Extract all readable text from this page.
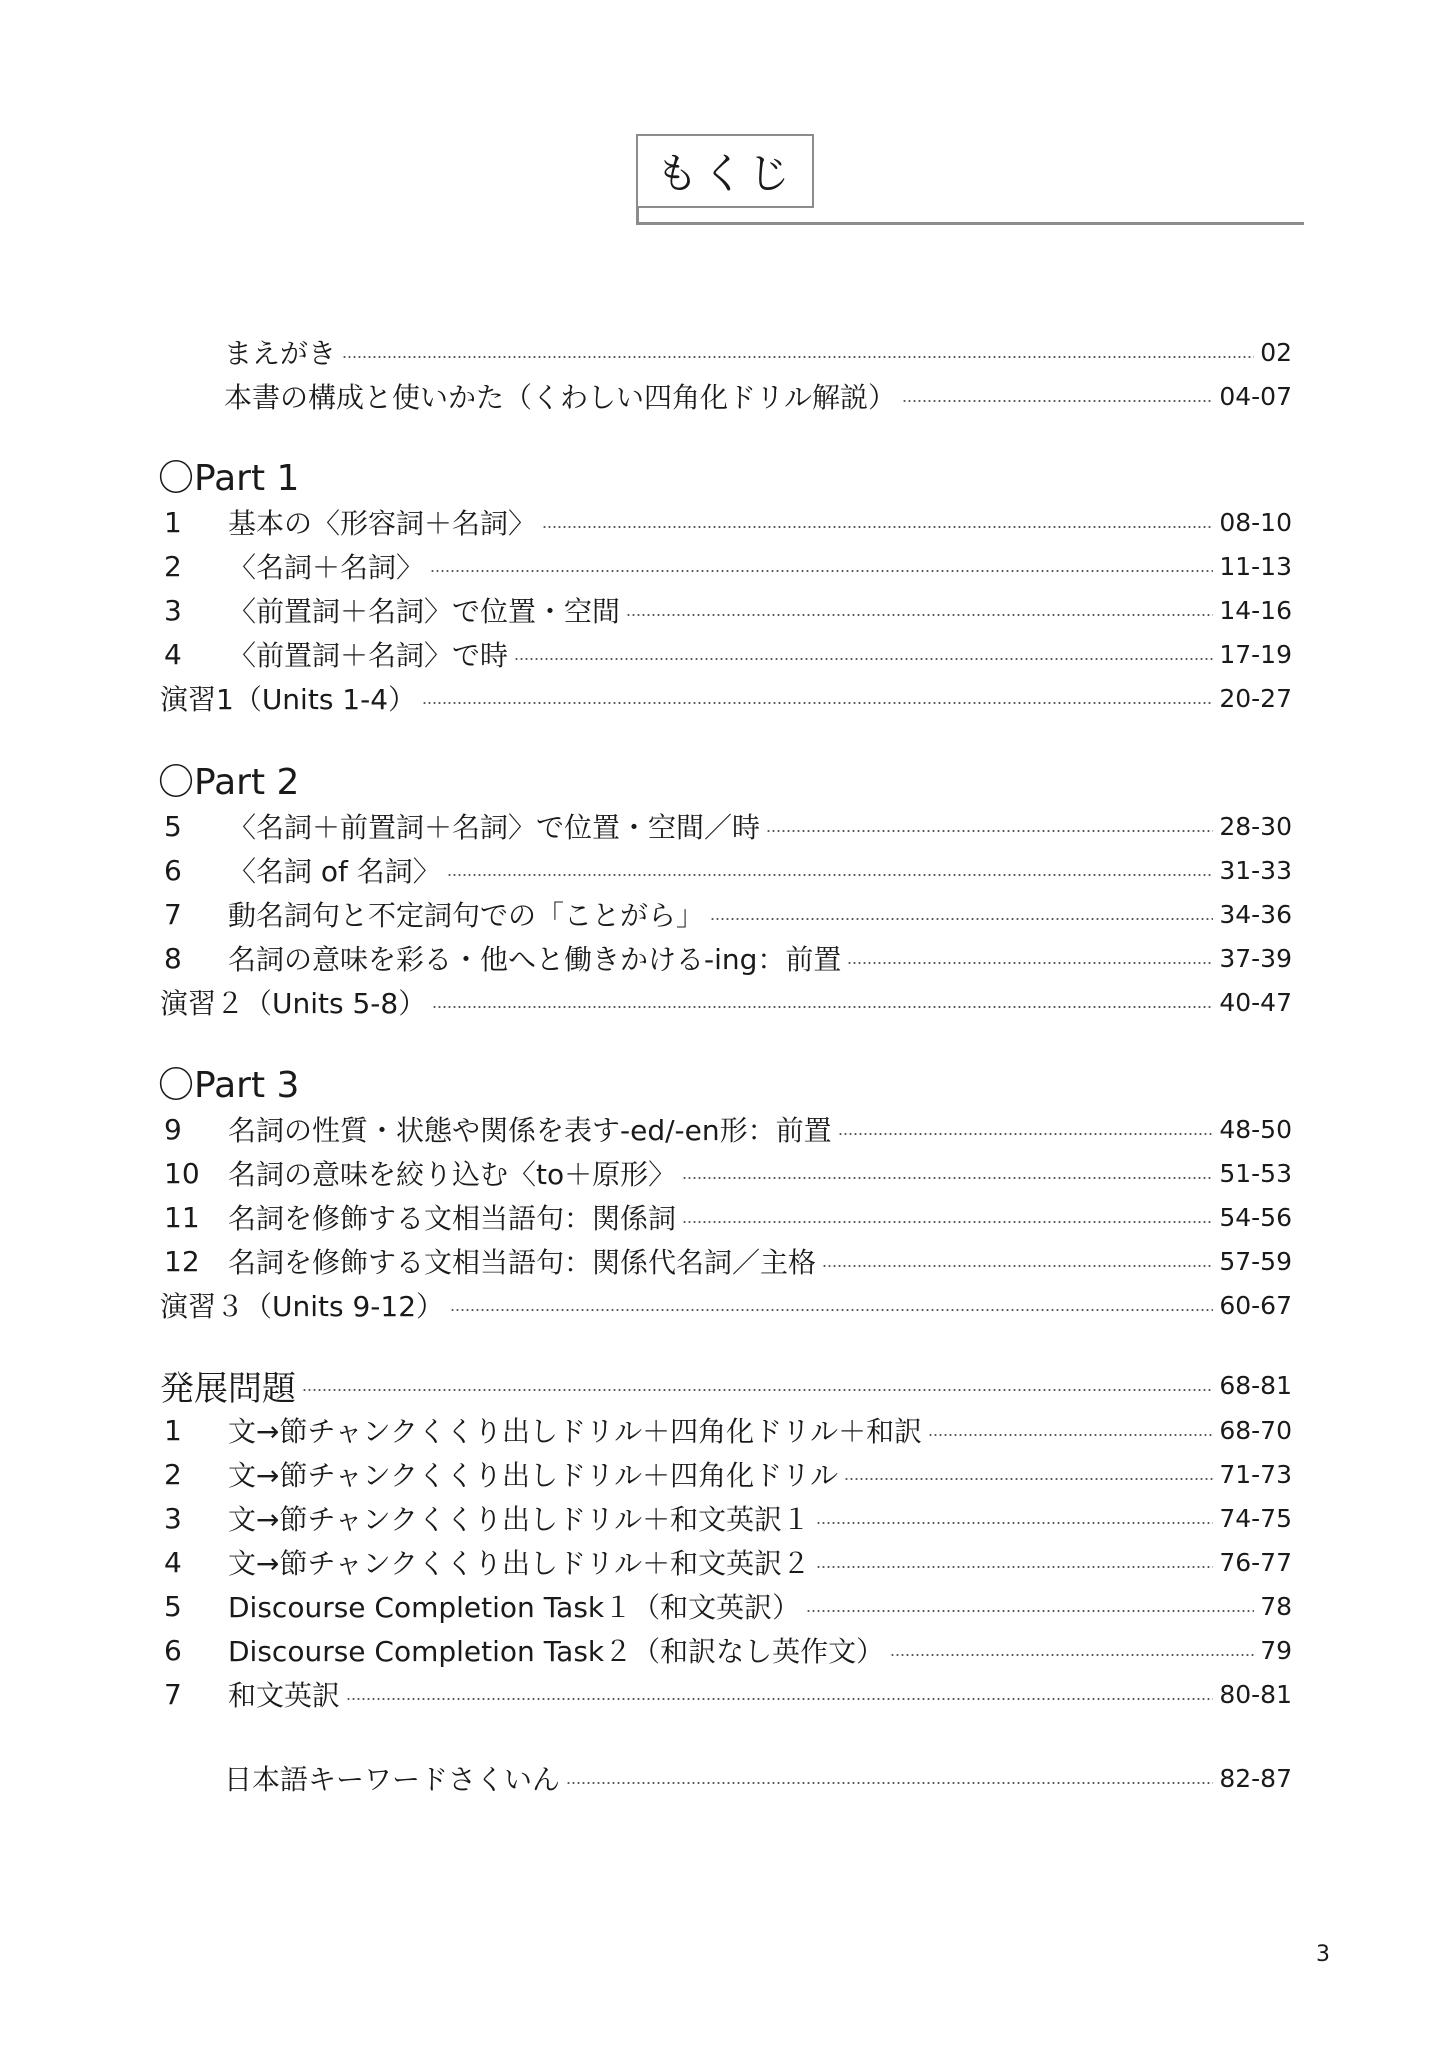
もくじ
まえがき	02
本書の構成と使いかた（くわしい四角化ドリル解説）	04-07
〇Part 1
1	基本の〈形容詞＋名詞〉	08-10
2	〈名詞＋名詞〉	11-13
3	〈前置詞＋名詞〉で位置・空間	14-16
4	〈前置詞＋名詞〉で時	17-19
演習1（Units 1-4）	20-27
〇Part 2
5	〈名詞＋前置詞＋名詞〉で位置・空間／時	28-30
6	〈名詞 of 名詞〉	31-33
7	動名詞句と不定詞句での「ことがら」	34-36
8	名詞の意味を彩る・他へと働きかける-ing：前置	37-39
演習２（Units 5-8）	40-47
〇Part 3
9	名詞の性質・状態や関係を表す-ed/-en形：前置	48-50
10	名詞の意味を絞り込む〈to＋原形〉	51-53
11	名詞を修飾する文相当語句：関係詞	54-56
12	名詞を修飾する文相当語句：関係代名詞／主格	57-59
演習３（Units 9-12）	60-67
発展問題	68-81
1	文→節チャンクくくり出しドリル＋四角化ドリル＋和訳	68-70
2	文→節チャンクくくり出しドリル＋四角化ドリル	71-73
3	文→節チャンクくくり出しドリル＋和文英訳１	74-75
4	文→節チャンクくくり出しドリル＋和文英訳２	76-77
5	Discourse Completion Task１（和文英訳）	78
6	Discourse Completion Task２（和訳なし英作文）	79
7	和文英訳	80-81
日本語キーワードさくいん	82-87
3
